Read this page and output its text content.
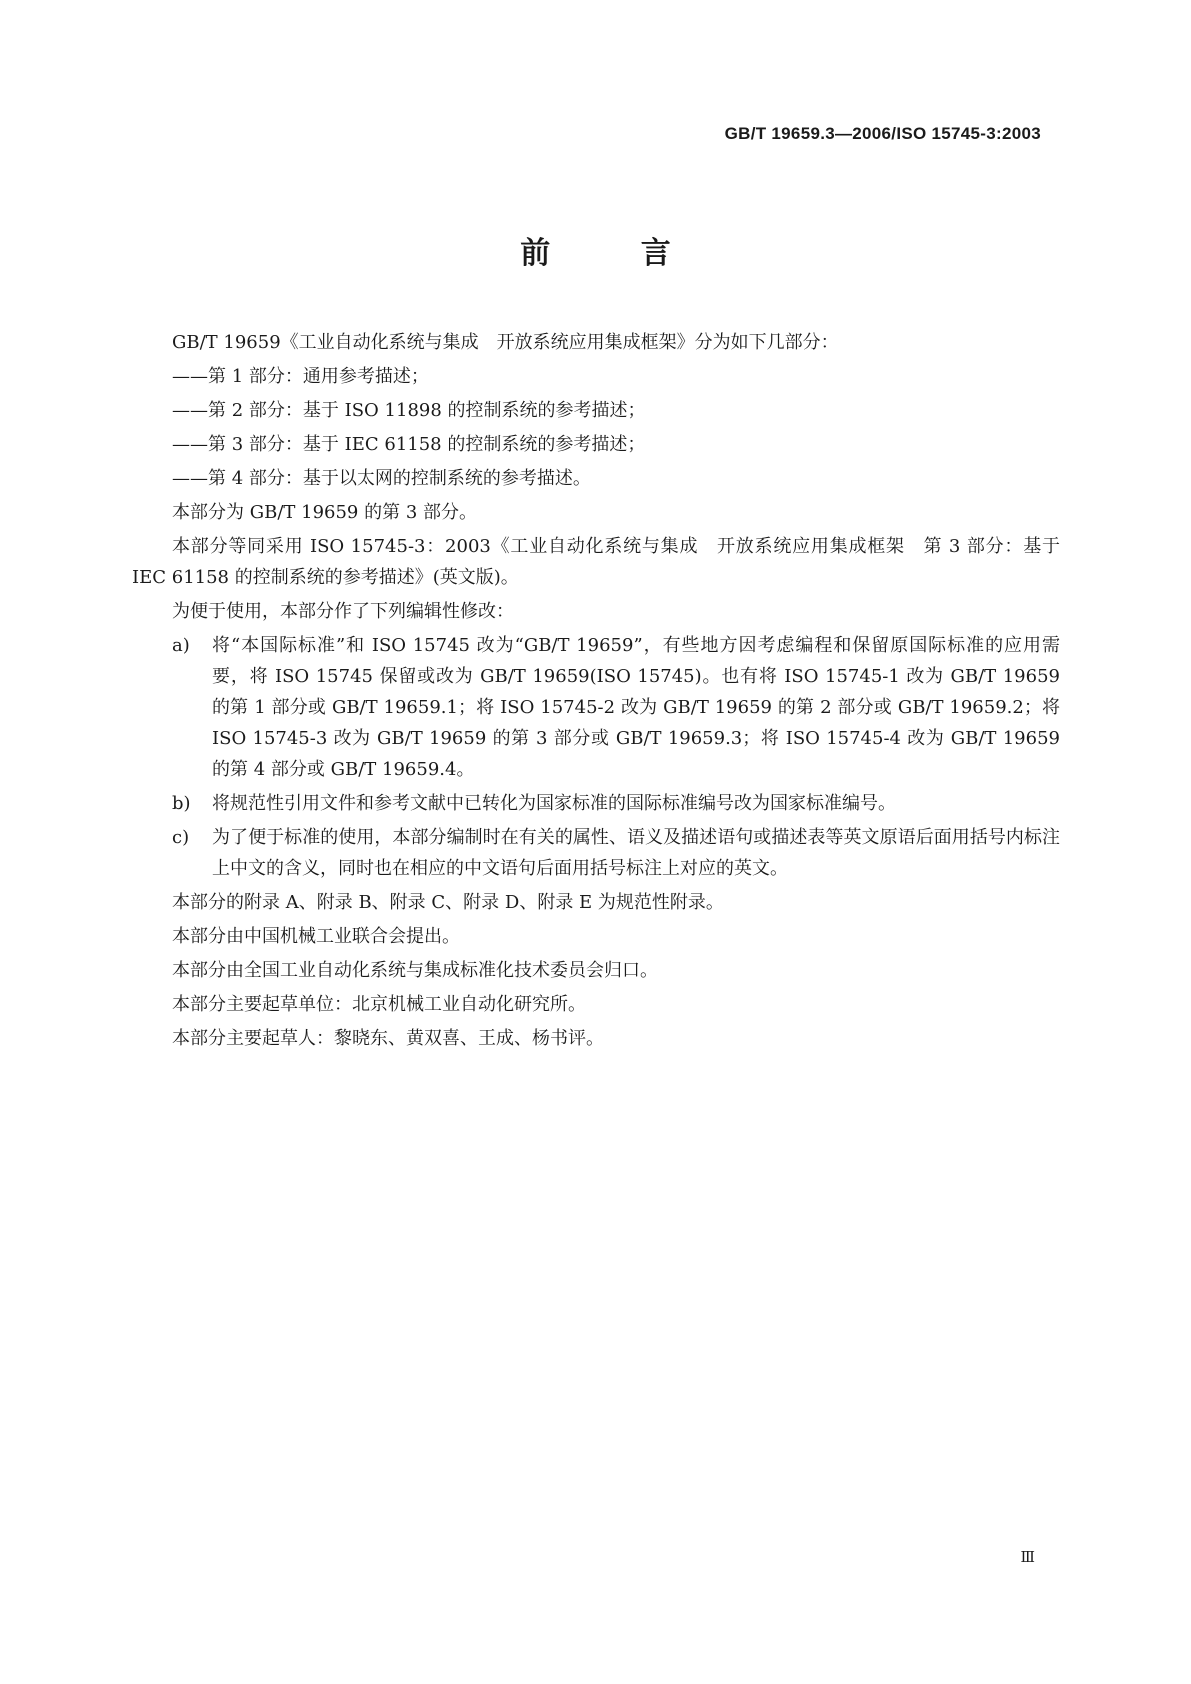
GB/T 19659.3—2006/ISO 15745-3:2003
前 言

GB/T 19659《工业自动化系统与集成　开放系统应用集成框架》分为如下几部分：

——第 1 部分：通用参考描述；

——第 2 部分：基于 ISO 11898 的控制系统的参考描述；

——第 3 部分：基于 IEC 61158 的控制系统的参考描述；

——第 4 部分：基于以太网的控制系统的参考描述。

本部分为 GB/T 19659 的第 3 部分。

本部分等同采用 ISO 15745-3：2003《工业自动化系统与集成　开放系统应用集成框架　第 3 部分：基于 IEC 61158 的控制系统的参考描述》(英文版)。

为便于使用，本部分作了下列编辑性修改：

a) 将“本国际标准”和 ISO 15745 改为“GB/T 19659”，有些地方因考虑编程和保留原国际标准的应用需要，将 ISO 15745 保留或改为 GB/T 19659(ISO 15745)。也有将 ISO 15745-1 改为 GB/T 19659 的第 1 部分或 GB/T 19659.1；将 ISO 15745-2 改为 GB/T 19659 的第 2 部分或 GB/T 19659.2；将 ISO 15745-3 改为 GB/T 19659 的第 3 部分或 GB/T 19659.3；将 ISO 15745-4 改为 GB/T 19659 的第 4 部分或 GB/T 19659.4。
b) 将规范性引用文件和参考文献中已转化为国家标准的国际标准编号改为国家标准编号。
c) 为了便于标准的使用，本部分编制时在有关的属性、语义及描述语句或描述表等英文原语后面用括号内标注上中文的含义，同时也在相应的中文语句后面用括号标注上对应的英文。

本部分的附录 A、附录 B、附录 C、附录 D、附录 E 为规范性附录。

本部分由中国机械工业联合会提出。

本部分由全国工业自动化系统与集成标准化技术委员会归口。

本部分主要起草单位：北京机械工业自动化研究所。

本部分主要起草人：黎晓东、黄双喜、王成、杨书评。

Ⅲ
